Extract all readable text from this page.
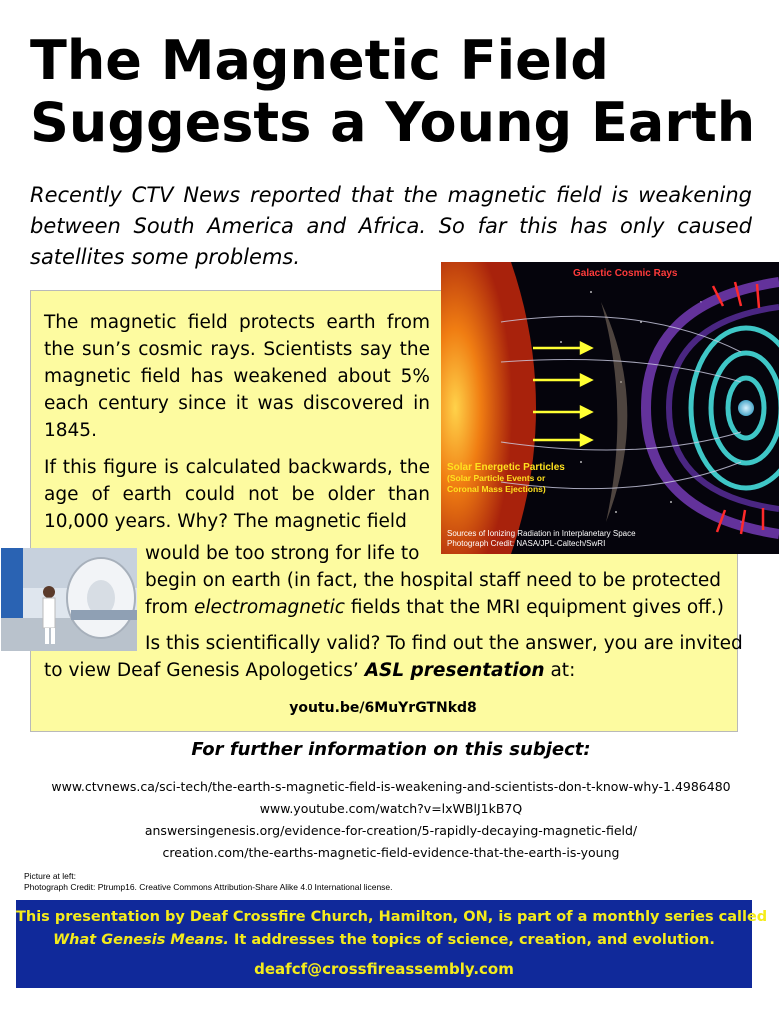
The Magnetic Field
Suggests a Young Earth
Recently CTV News reported that the magnetic field is weakening between South America and Africa. So far this has only caused satellites some problems.
The magnetic field protects earth from the sun’s cosmic rays. Scientists say the magnetic field has weakened about 5% each century since it was discovered in 1845.
If this figure is calculated backwards, the age of earth could not be older than 10,000 years. Why? The magnetic field
would be too strong for life to
begin on earth (in fact, the hospital staff need to be protected
from electromagnetic fields that the MRI equipment gives off.)
Is this scientifically valid? To find out the answer, you are invited
to view Deaf Genesis Apologetics’ ASL presentation at:
youtu.be/6MuYrGTNkd8
Galactic Cosmic Rays
Solar Energetic Particles
(Solar Particle Events or
Coronal Mass Ejections)
Sources of Ionizing Radiation in Interplanetary Space
Photograph Credit: NASA/JPL-Caltech/SwRI
For further information on this subject:
www.ctvnews.ca/sci-tech/the-earth-s-magnetic-field-is-weakening-and-scientists-don-t-know-why-1.4986480
www.youtube.com/watch?v=lxWBlJ1kB7Q
answersingenesis.org/evidence-for-creation/5-rapidly-decaying-magnetic-field/
creation.com/the-earths-magnetic-field-evidence-that-the-earth-is-young
Picture at left:
Photograph Credit: Ptrump16. Creative Commons Attribution-Share Alike 4.0 International license.
This presentation by Deaf Crossfire Church, Hamilton, ON, is part of a monthly series called
What Genesis Means. It addresses the topics of science, creation, and evolution.
deafcf@crossfireassembly.com
